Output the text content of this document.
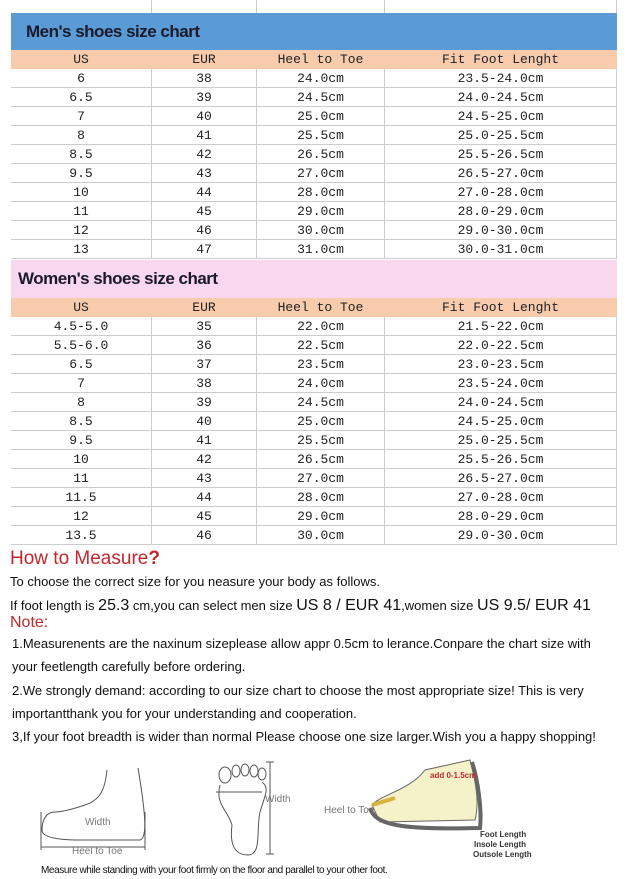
Men's shoes size chart
US	EUR	Heel to Toe	Fit Foot Lenght
6	38	24.0cm	23.5-24.0cm
6.5	39	24.5cm	24.0-24.5cm
7	40	25.0cm	24.5-25.0cm
8	41	25.5cm	25.0-25.5cm
8.5	42	26.5cm	25.5-26.5cm
9.5	43	27.0cm	26.5-27.0cm
10	44	28.0cm	27.0-28.0cm
11	45	29.0cm	28.0-29.0cm
12	46	30.0cm	29.0-30.0cm
13	47	31.0cm	30.0-31.0cm
Women's shoes size chart
US	EUR	Heel to Toe	Fit Foot Lenght
4.5-5.0	35	22.0cm	21.5-22.0cm
5.5-6.0	36	22.5cm	22.0-22.5cm
6.5	37	23.5cm	23.0-23.5cm
7	38	24.0cm	23.5-24.0cm
8	39	24.5cm	24.0-24.5cm
8.5	40	25.0cm	24.5-25.0cm
9.5	41	25.5cm	25.0-25.5cm
10	42	26.5cm	25.5-26.5cm
11	43	27.0cm	26.5-27.0cm
11.5	44	28.0cm	27.0-28.0cm
12	45	29.0cm	28.0-29.0cm
13.5	46	30.0cm	29.0-30.0cm
How to Measure?
To choose the correct size for you neasure your body as follows.
If foot length is 25.3 cm,you can select men size US 8 / EUR 41,women size US 9.5/ EUR 41
Note:
1.Measurenents are the naxinum sizeplease allow appr 0.5cm to lerance.Conpare the chart size with
your feetlength carefully before ordering.
2.We strongly demand: according to our size chart to choose the most appropriate size! This is very
importantthank you for your understanding and cooperation.
3,If your foot breadth is wider than normal Please choose one size larger.Wish you a happy shopping!
Width
Heel to Toe
Width
Heel to Toe
add 0-1.5cm
Foot Length
Insole Length
Outsole Length
Measure while standing with your foot firmly on the floor and parallel to your other foot.
